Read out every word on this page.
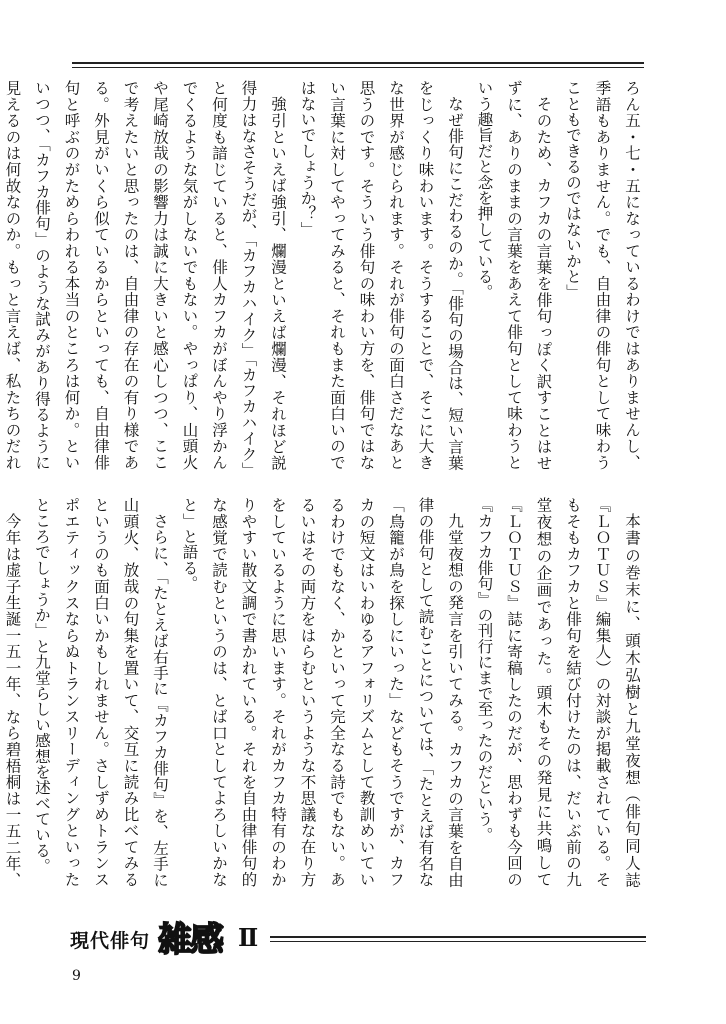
ろん五・七・五になっているわけではありませんし、季語もありません。でも、自由律の俳句として味わうこともできるのではないかと」

そのため、カフカの言葉を俳句っぽく訳すことはせずに、ありのままの言葉をあえて俳句として味わうという趣旨だと念を押している。

なぜ俳句にこだわるのか。「俳句の場合は、短い言葉をじっくり味わいます。そうすることで、そこに大きな世界が感じられます。それが俳句の面白さだなあと思うのです。そういう俳句の味わい方を、俳句ではない言葉に対してやってみると、それもまた面白いのではないでしょうか？」

強引といえば強引、爛漫といえば爛漫、それほど説得力はなさそうだが、「カフカハイク」「カフカハイク」と何度も諳じていると、俳人カフカがぼんやり浮かんでくるような気がしないでもない。やっぱり、山頭火や尾崎放哉の影響力は誠に大きいと感心しつつ、ここで考えたいと思ったのは、自由律の存在の有り様である。外見がいくら似ているからといっても、自由律俳句と呼ぶのがためらわれる本当のところは何か。といいつつ、「カフカ俳句」のような試みがあり得るように見えるのは何故なのか。もっと言えば、私たちのだれ

本書の巻末に、頭木弘樹と九堂夜想（俳句同人誌『ＬＯＴＵＳ』編集人）の対談が掲載されている。そもそもカフカと俳句を結び付けたのは、だいぶ前の九堂夜想の企画であった。頭木もその発見に共鳴して『ＬＯＴＵＳ』誌に寄稿したのだが、思わずも今回の『カフカ俳句』の刊行にまで至ったのだという。

九堂夜想の発言を引いてみる。カフカの言葉を自由律の俳句として読むことについては、「たとえば有名な「鳥籠が鳥を探しにいった」などもそうですが、カフカの短文はいわゆるアフォリズムとして教訓めいているわけでもなく、かといって完全なる詩でもない。あるいはその両方をはらむというような不思議な在り方をしているように思います。それがカフカ特有のわかりやすい散文調で書かれている。それを自由律俳句的な感覚で読むというのは、とば口としてよろしいかなと」と語る。

さらに、「たとえば右手に『カフカ俳句』を、左手に山頭火、放哉の句集を置いて、交互に読み比べてみるというのも面白いかもしれません。さしずめトランスポエティックスならぬトランスリーディングといったところでしょうか」と九堂らしい感想を述べている。

今年は虚子生誕一五一年、なら碧梧桐は一五二年、

現代俳句 雑感 Ⅱ
9
